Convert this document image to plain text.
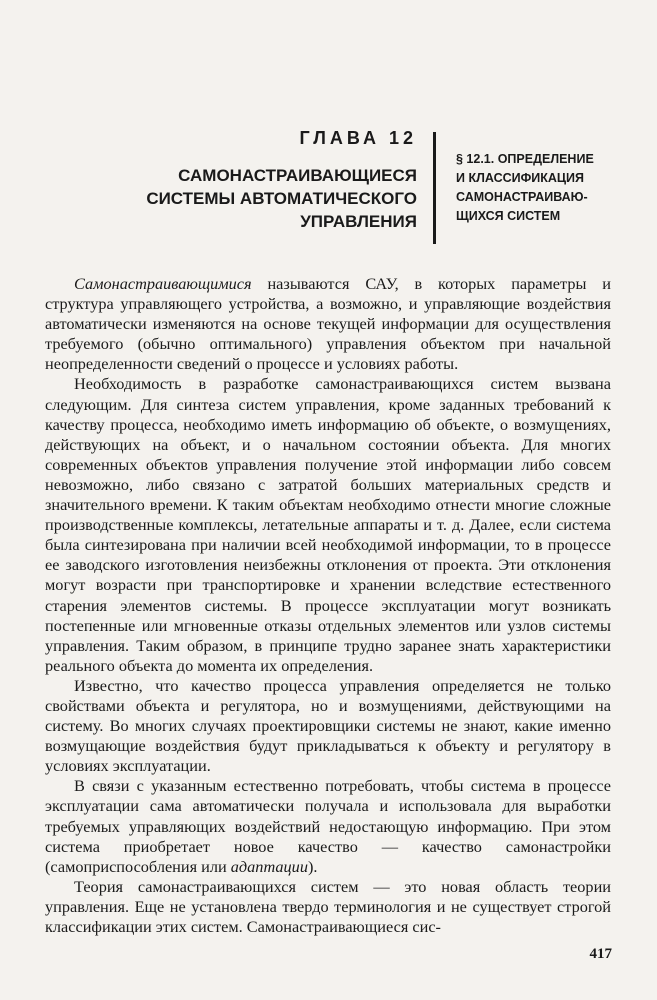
ГЛАВА 12
САМОНАСТРАИВАЮЩИЕСЯ
СИСТЕМЫ АВТОМАТИЧЕСКОГО
УПРАВЛЕНИЯ
§ 12.1. ОПРЕДЕЛЕНИЕ
И КЛАССИФИКАЦИЯ
САМОНАСТРАИВАЮ-
ЩИХСЯ СИСТЕМ

Самонастраивающимися называются САУ, в которых параметры и структура управляющего устройства, а возможно, и управляющие воздействия автоматически изменяются на основе текущей информации для осуществления требуемого (обычно оптимального) управления объектом при начальной неопределенности сведений о процессе и условиях работы.

Необходимость в разработке самонастраивающихся систем вызвана следующим. Для синтеза систем управления, кроме заданных требований к качеству процесса, необходимо иметь информацию об объекте, о возмущениях, действующих на объект, и о начальном состоянии объекта. Для многих современных объектов управления получение этой информации либо совсем невозможно, либо связано с затратой больших материальных средств и значительного времени. К таким объектам необходимо отнести многие сложные производственные комплексы, летательные аппараты и т. д. Далее, если система была синтезирована при наличии всей необходимой информации, то в процессе ее заводского изготовления неизбежны отклонения от проекта. Эти отклонения могут возрасти при транспортировке и хранении вследствие естественного старения элементов системы. В процессе эксплуатации могут возникать постепенные или мгновенные отказы отдельных элементов или узлов системы управления. Таким образом, в принципе трудно заранее знать характеристики реального объекта до момента их определения.

Известно, что качество процесса управления определяется не только свойствами объекта и регулятора, но и возмущениями, действующими на систему. Во многих случаях проектировщики системы не знают, какие именно возмущающие воздействия будут прикладываться к объекту и регулятору в условиях эксплуатации.

В связи с указанным естественно потребовать, чтобы система в процессе эксплуатации сама автоматически получала и использовала для выработки требуемых управляющих воздействий недостающую информацию. При этом система приобретает новое качество — качество самонастройки (самоприспособления или адаптации).

Теория самонастраивающихся систем — это новая область теории управления. Еще не установлена твердо терминология и не существует строгой классификации этих систем. Самонастраивающиеся сис-

417
